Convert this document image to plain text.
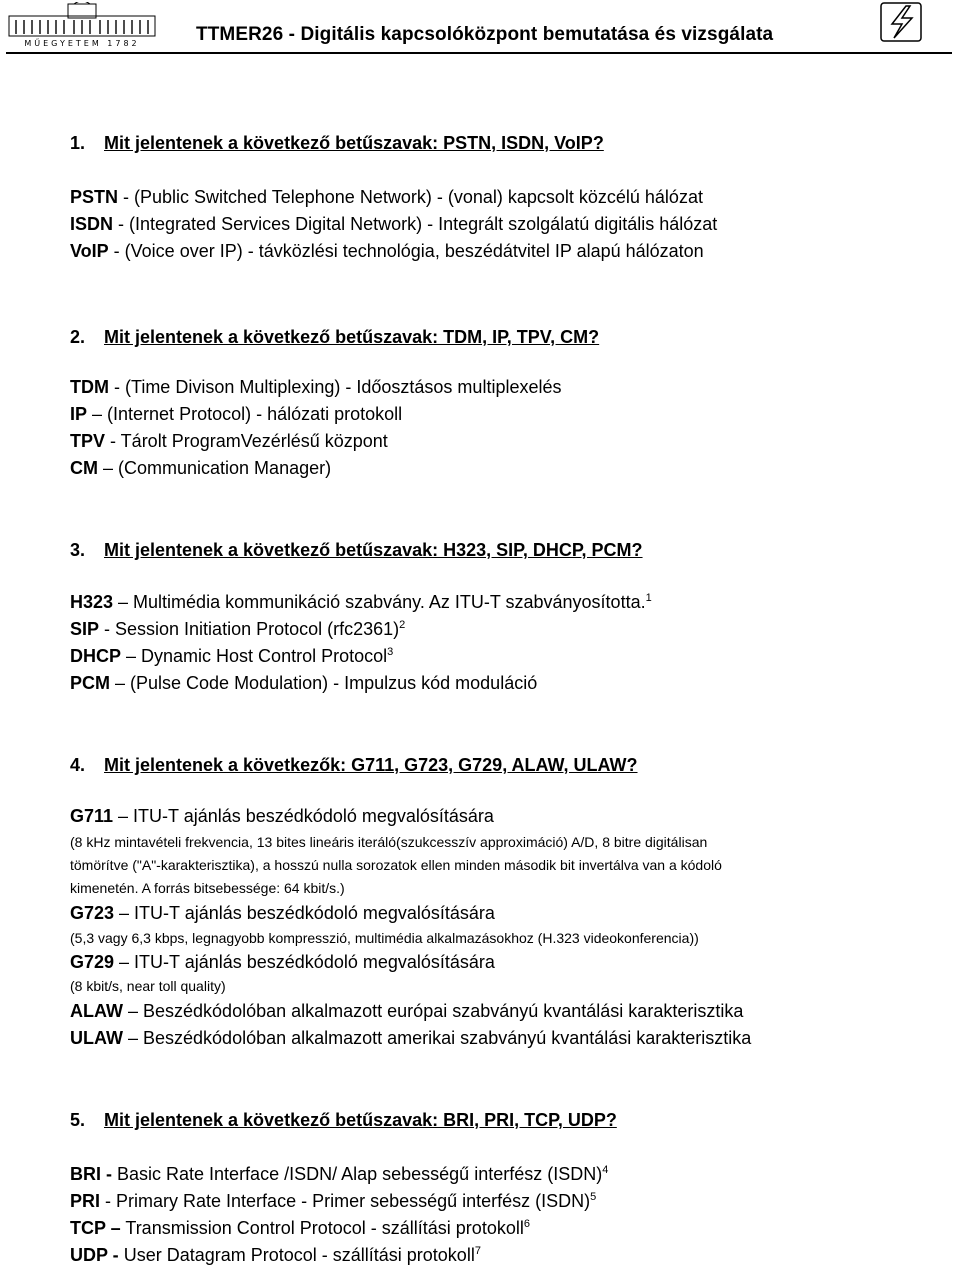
MŰEGYETEM 1782	TTMER26 - Digitális kapcsolóközpont bemutatása és vizsgálata
1. Mit jelentenek a következő betűszavak: PSTN, ISDN, VoIP?
PSTN - (Public Switched Telephone Network) - (vonal) kapcsolt közcélú hálózat
ISDN - (Integrated Services Digital Network) - Integrált szolgálatú digitális hálózat
VoIP - (Voice over IP) - távközlési technológia, beszédátvitel IP alapú hálózaton
2. Mit jelentenek a következő betűszavak: TDM, IP, TPV, CM?
TDM - (Time Divison Multiplexing) - Időosztásos multiplexelés
IP – (Internet Protocol) - hálózati protokoll
TPV - Tárolt ProgramVezérlésű központ
CM – (Communication Manager)
3. Mit jelentenek a következő betűszavak: H323, SIP, DHCP, PCM?
H323 – Multimédia kommunikáció szabvány. Az ITU-T szabványosította.$^1$
SIP - Session Initiation Protocol $(rfc2361)^2$
DHCP – Dynamic Host Control Protocol$^3$
PCM – (Pulse Code Modulation) - Impulzus kód moduláció
4. Mit jelentenek a következők: G711, G723, G729, ALAW, ULAW?
G711 – ITU-T ajánlás beszédkódoló megvalósítására
(8 kHz mintavételi frekvencia, 13 bites lineáris iteráló(szukcesszív approximáció) A/D, 8 bitre digitálisan
tömörítve ("A"-karakterisztika), a hosszú nulla sorozatok ellen minden második bit invertálva van a kódoló
kimenetén. A forrás bitsebessége: 64 kbit/s.)
G723 – ITU-T ajánlás beszédkódoló megvalósítására
(5,3 vagy 6,3 kbps, legnagyobb kompresszió, multimédia alkalmazásokhoz (H.323 videokonferencia))
G729 – ITU-T ajánlás beszédkódoló megvalósítására
(8 kbit/s, near toll quality)
ALAW – Beszédkódolóban alkalmazott európai szabványú kvantálási karakterisztika
ULAW – Beszédkódolóban alkalmazott amerikai szabványú kvantálási karakterisztika
5. Mit jelentenek a következő betűszavak: BRI, PRI, TCP, UDP?
BRI - Basic Rate Interface /ISDN/ Alap sebességű interfész (ISDN)$^4$
PRI - Primary Rate Interface - Primer sebességű interfész (ISDN)$^5$
TCP – Transmission Control Protocol - szállítási protokoll$^6$
UDP - User Datagram Protocol - szállítási protokoll$^7$
